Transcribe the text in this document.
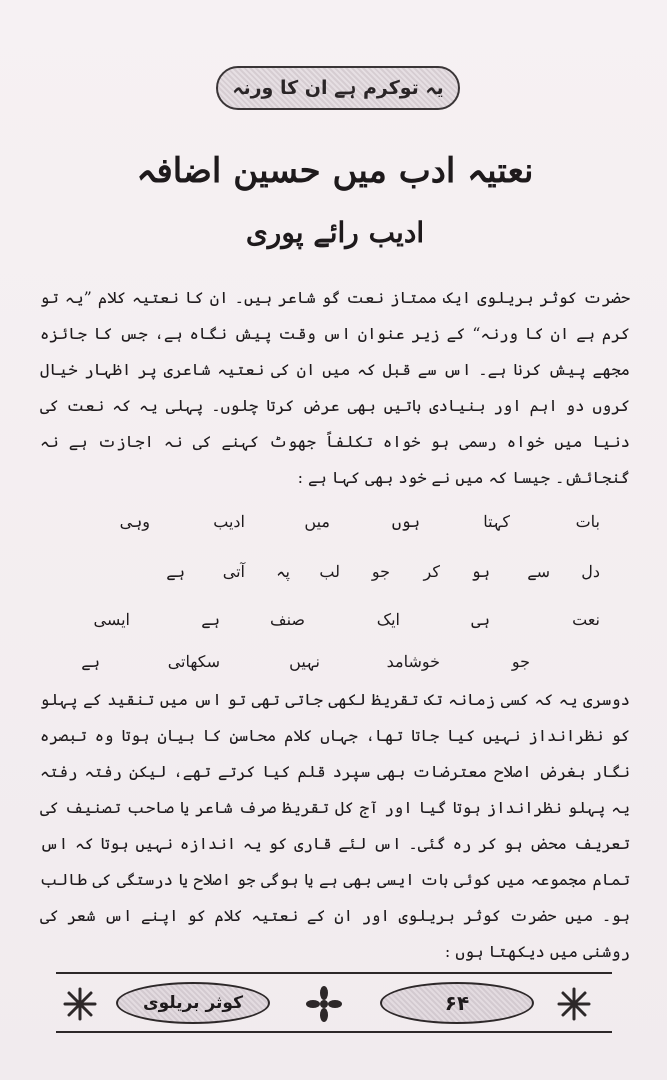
یہ توکرم ہے ان کا ورنہ
نعتیہ ادب میں حسین اضافہ
ادیب رائے پوری
حضرت کوثر بریلوی ایک ممتاز نعت گو شاعر ہیں۔ ان کا نعتیہ کلام ”یہ تو کرم ہے ان کا ورنہ“ کے زیر عنوان اس وقت پیش نگاہ ہے، جس کا جائزہ مجھے پیش کرنا ہے۔ اس سے قبل کہ میں ان کی نعتیہ شاعری پر اظہار خیال کروں دو اہم اور بنیادی باتیں بھی عرض کرتا چلوں۔ پہلی یہ کہ نعت کی دنیا میں خواہ رسمی ہو خواہ تکلفاً جھوٹ کہنے کی نہ اجازت ہے نہ گنجائش۔ جیسا کہ میں نے خود بھی کہا ہے :
بات
کہتا
ہوں
میں
ادیب
وہی
دل
سے
ہو
کر
جو
لب
پہ
آتی
ہے
نعت
ہی
ایک
صنف
ہے
ایسی
جو
خوشامد
نہیں
سکھاتی
ہے
دوسری یہ کہ کسی زمانہ تک تقریظ لکھی جاتی تھی تو اس میں تنقید کے پہلو کو نظرانداز نہیں کیا جاتا تھا، جہاں کلام محاسن کا بیان ہوتا وہ تبصرہ نگار بغرض اصلاح معترضات بھی سپرد قلم کیا کرتے تھے، لیکن رفتہ رفتہ یہ پہلو نظرانداز ہوتا گیا اور آج کل تقریظ صرف شاعر یا صاحب تصنیف کی تعریف محض ہو کر رہ گئی۔ اس لئے قاری کو یہ اندازہ نہیں ہوتا کہ اس تمام مجموعہ میں کوئی بات ایسی بھی ہے یا ہوگی جو اصلاح یا درستگی کی طالب ہو۔ میں حضرت کوثر بریلوی اور ان کے نعتیہ کلام کو اپنے اس شعر کی روشنی میں دیکھتا ہوں :
کوثر بریلوی	۶۴
